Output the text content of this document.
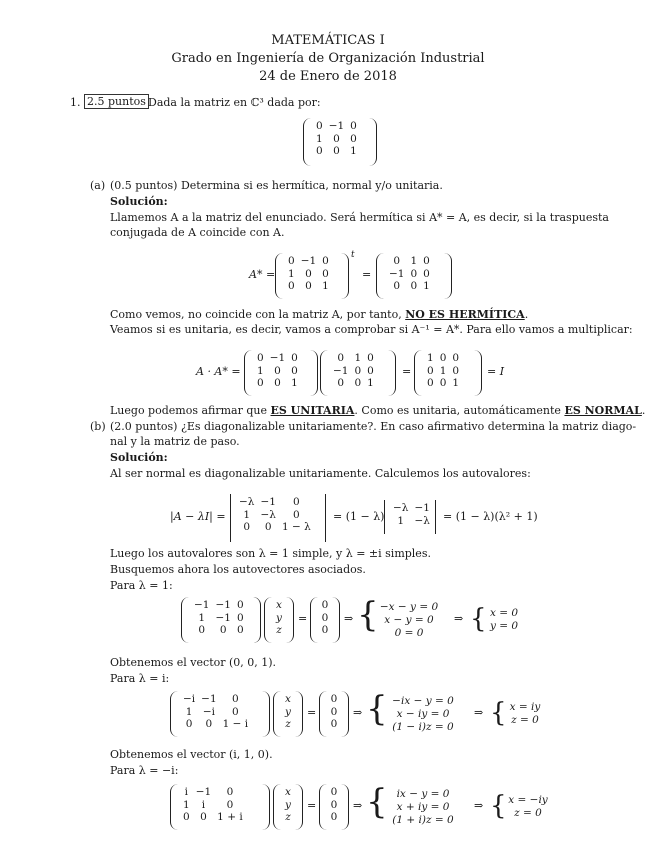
MATEMÁTICAS I
Grado en Ingeniería de Organización Industrial
24 de Enero de 2018
1. 2.5 puntos Dada la matriz en ℂ³ dada por:
0	−1	0
1	0	0
0	0	1
(a) (0.5 puntos) Determina si es hermítica, normal y/o unitaria.
Solución:
Llamemos A a la matriz del enunciado. Será hermítica si A* = A, es decir, si la traspuesta
conjugada de A coincide con A.
A* =
0	−1	0
1	0	0
0	0	1
t
=
0	1	0
−1	0	0
0	0	1
Como vemos, no coincide con la matriz A, por tanto, NO ES HERMÍTICA.
Veamos si es unitaria, es decir, vamos a comprobar si A⁻¹ = A*. Para ello vamos a multiplicar:
A · A* =
0	−1	0
1	0	0
0	0	1
0	1	0
−1	0	0
0	0	1
=
1	0	0
0	1	0
0	0	1
= I
Luego podemos afirmar que ES UNITARIA. Como es unitaria, automáticamente ES NORMAL.
(b) (2.0 puntos) ¿Es diagonalizable unitariamente?. En caso afirmativo determina la matriz diago-
nal y la matriz de paso.
Solución:
Al ser normal es diagonalizable unitariamente. Calculemos los autovalores:
|A − λI| =
−λ	−1	0
1	−λ	0
0	0	1 − λ
= (1 − λ)
−λ	−1
1	−λ = (1 − λ)(λ² + 1)
Luego los autovalores son λ = 1 simple, y λ = ±i simples.
Busquemos ahora los autovectores asociados.
Para λ = 1:
−1	−1	0
1	−1	0
0	0	0
x
y
z
=
0
0
0
⇒ { −x − y = 0
x − y = 0
0 = 0
⇒ { x = 0
y = 0
Obtenemos el vector (0, 0, 1).
Para λ = i:
−i	−1	0
1	−i	0
0	0	1 − i
x
y
z
=
0
0
0
⇒ { −ix − y = 0
x − iy = 0
(1 − i)z = 0
⇒ { x = iy
z = 0
Obtenemos el vector (i, 1, 0).
Para λ = −i:
i	−1	0
1	i	0
0	0	1 + i
x
y
z
=
0
0
0
⇒ { ix − y = 0
x + iy = 0
(1 + i)z = 0
⇒ { x = −iy
z = 0
